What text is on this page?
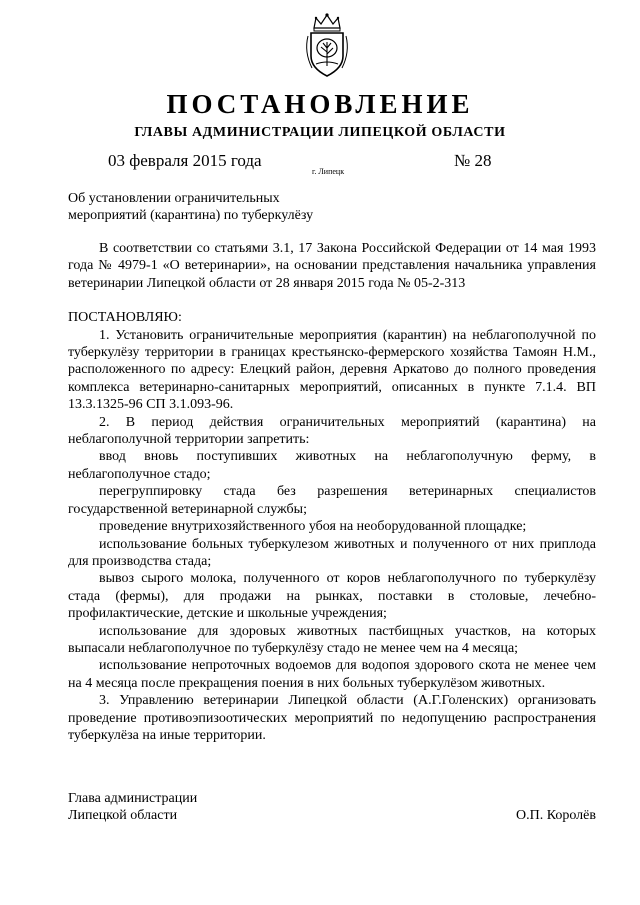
ПОСТАНОВЛЕНИЕ
ГЛАВЫ АДМИНИСТРАЦИИ ЛИПЕЦКОЙ ОБЛАСТИ
03 февраля 2015 года
г. Липецк
№ 28
Об установлении ограничительных
мероприятий (карантина) по туберкулёзу

В соответствии со статьями 3.1, 17 Закона Российской Федерации от 14 мая 1993 года № 4979-1 «О ветеринарии», на основании представления начальника управления ветеринарии Липецкой области от 28 января 2015 года № 05-2-313

ПОСТАНОВЛЯЮ:

1. Установить ограничительные мероприятия (карантин) на неблагополучной по туберкулёзу территории в границах крестьянско-фермерского хозяйства Тамоян Н.М., расположенного по адресу: Елецкий район, деревня Аркатово до полного проведения комплекса ветеринарно-санитарных мероприятий, описанных в пункте 7.1.4. ВП 13.3.1325-96 СП 3.1.093-96.

2. В период действия ограничительных мероприятий (карантина) на неблагополучной территории запретить:

ввод вновь поступивших животных на неблагополучную ферму, в неблагополучное стадо;

перегруппировку стада без разрешения ветеринарных специалистов государственной ветеринарной службы;

проведение внутрихозяйственного убоя на необорудованной площадке;

использование больных туберкулезом животных и полученного от них приплода для производства стада;

вывоз сырого молока, полученного от коров неблагополучного по туберкулёзу стада (фермы), для продажи на рынках, поставки в столовые, лечебно-профилактические, детские и школьные учреждения;

использование для здоровых животных пастбищных участков, на которых выпасали неблагополучное по туберкулёзу стадо не менее чем на 4 месяца;

использование непроточных водоемов для водопоя здорового скота не менее чем на 4 месяца после прекращения поения в них больных туберкулёзом животных.

3. Управлению ветеринарии Липецкой области (А.Г.Голенских) организовать проведение противоэпизоотических мероприятий по недопущению распространения туберкулёза на иные территории.

Глава администрации
Липецкой области	О.П. Королёв
